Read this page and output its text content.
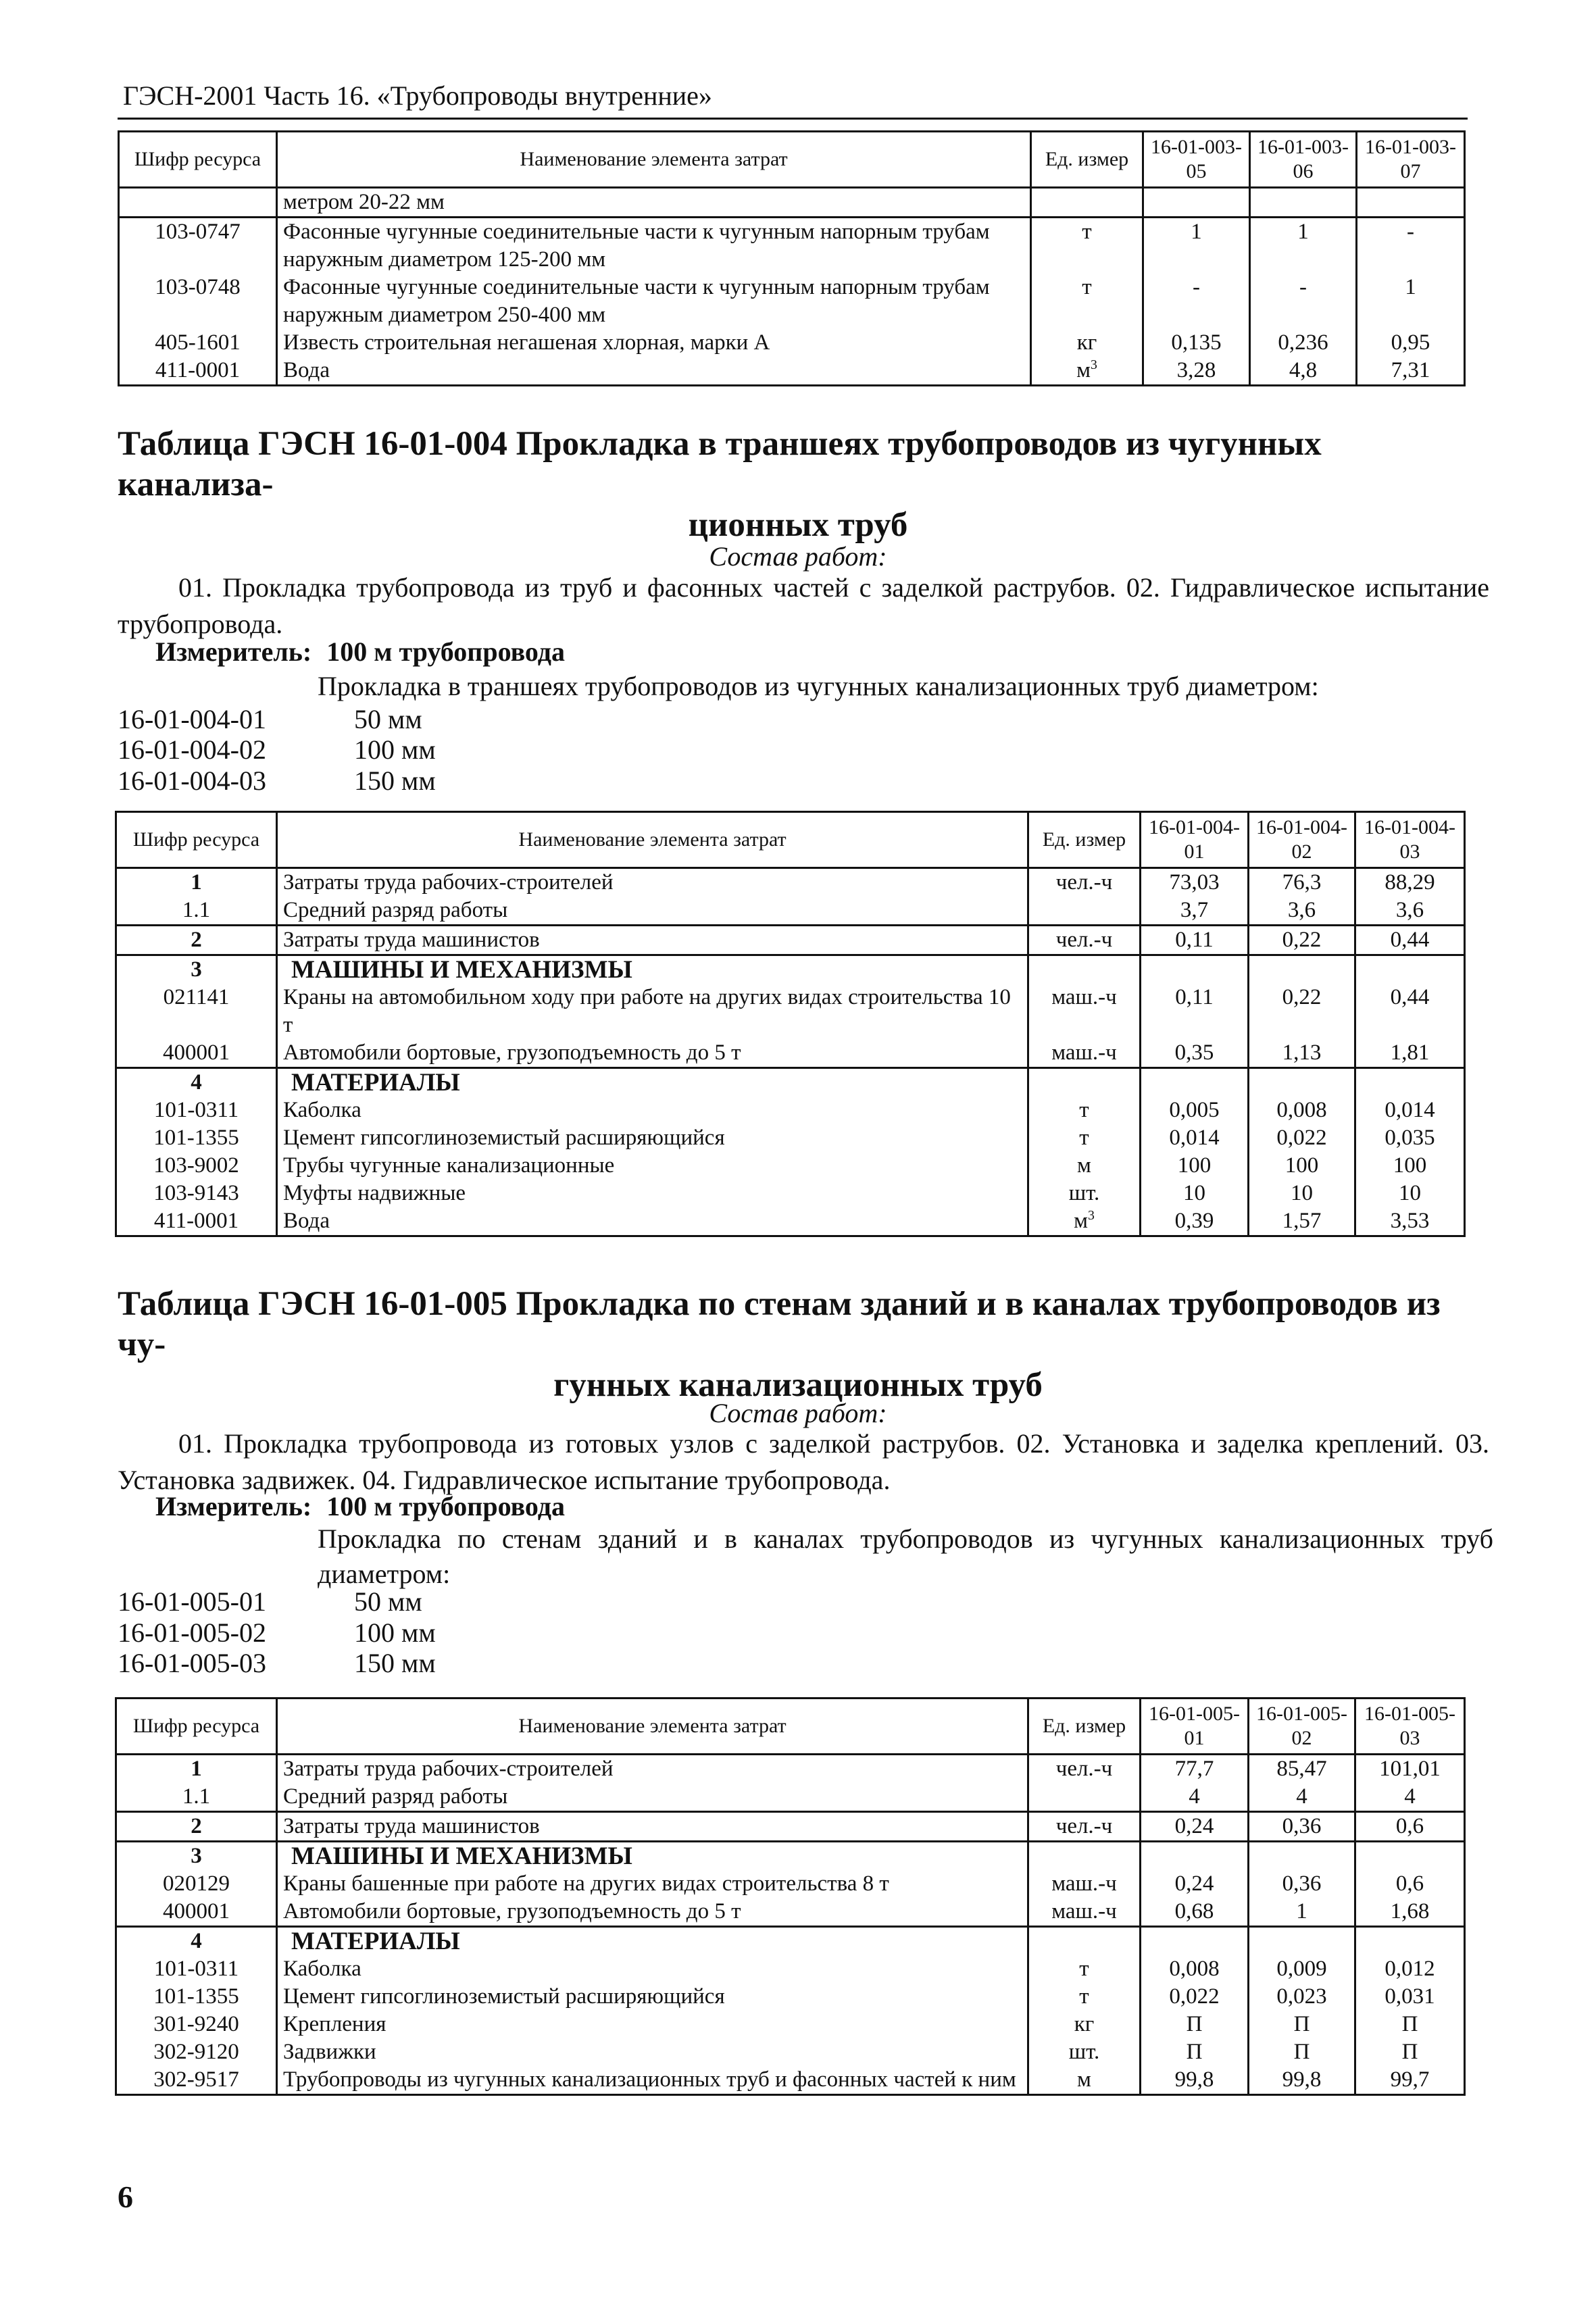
ГЭСН-2001 Часть 16. «Трубопроводы внутренние»
Шифр ресурса	Наименование элемента затрат	Ед. измер	16-01-003-05	16-01-003-06	16-01-003-07
	метром 20-22 мм				
103-0747	Фасонные чугунные соединительные части к чугунным напорным трубам наружным диаметром 125-200 мм	т	1	1	-
103-0748	Фасонные чугунные соединительные части к чугунным напорным трубам наружным диаметром 250-400 мм	т	-	-	1
405-1601	Известь строительная негашеная хлорная, марки А	кг	0,135	0,236	0,95
411-0001	Вода	$м^3$	3,28	4,8	7,31
Таблица ГЭСН 16-01-004 Прокладка в траншеях трубопроводов из чугунных канализа-
ционных труб
Состав работ:
01. Прокладка трубопровода из труб и фасонных частей с заделкой раструбов. 02. Гидравлическое испытание трубопровода.
Измеритель: 100 м трубопровода
Прокладка в траншеях трубопроводов из чугунных канализационных труб диаметром:
16-01-004-01	50 мм
16-01-004-02	100 мм
16-01-004-03	150 мм
Шифр ресурса	Наименование элемента затрат	Ед. измер	16-01-004-01	16-01-004-02	16-01-004-03
1	Затраты труда рабочих-строителей	чел.-ч	73,03	76,3	88,29
1.1	Средний разряд работы		3,7	3,6	3,6
2	Затраты труда машинистов	чел.-ч	0,11	0,22	0,44
3	МАШИНЫ И МЕХАНИЗМЫ				
021141	Краны на автомобильном ходу при работе на других видах строительства 10 т	маш.-ч	0,11	0,22	0,44
400001	Автомобили бортовые, грузоподъемность до 5 т	маш.-ч	0,35	1,13	1,81
4	МАТЕРИАЛЫ				
101-0311	Каболка	т	0,005	0,008	0,014
101-1355	Цемент гипсоглиноземистый расширяющийся	т	0,014	0,022	0,035
103-9002	Трубы чугунные канализационные	м	100	100	100
103-9143	Муфты надвижные	шт.	10	10	10
411-0001	Вода	$м^3$	0,39	1,57	3,53
Таблица ГЭСН 16-01-005 Прокладка по стенам зданий и в каналах трубопроводов из чу-
гунных канализационных труб
Состав работ:
01. Прокладка трубопровода из готовых узлов с заделкой раструбов. 02. Установка и заделка креплений. 03. Установка задвижек. 04. Гидравлическое испытание трубопровода.
Измеритель: 100 м трубопровода
Прокладка по стенам зданий и в каналах трубопроводов из чугунных канализационных труб диаметром:
16-01-005-01	50 мм
16-01-005-02	100 мм
16-01-005-03	150 мм
Шифр ресурса	Наименование элемента затрат	Ед. измер	16-01-005-01	16-01-005-02	16-01-005-03
1	Затраты труда рабочих-строителей	чел.-ч	77,7	85,47	101,01
1.1	Средний разряд работы		4	4	4
2	Затраты труда машинистов	чел.-ч	0,24	0,36	0,6
3	МАШИНЫ И МЕХАНИЗМЫ				
020129	Краны башенные при работе на других видах строительства 8 т	маш.-ч	0,24	0,36	0,6
400001	Автомобили бортовые, грузоподъемность до 5 т	маш.-ч	0,68	1	1,68
4	МАТЕРИАЛЫ				
101-0311	Каболка	т	0,008	0,009	0,012
101-1355	Цемент гипсоглиноземистый расширяющийся	т	0,022	0,023	0,031
301-9240	Крепления	кг	П	П	П
302-9120	Задвижки	шт.	П	П	П
302-9517	Трубопроводы из чугунных канализационных труб и фасонных частей к ним	м	99,8	99,8	99,7
6
